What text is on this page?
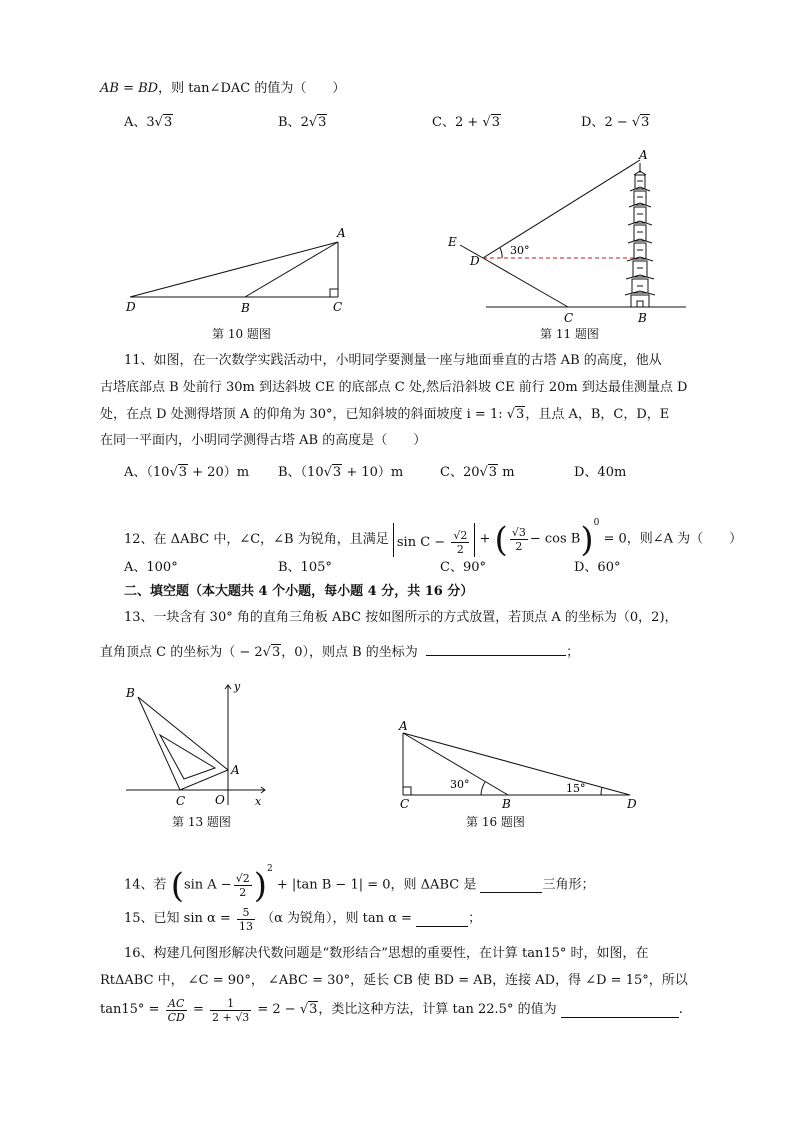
AB = BD，则 tan∠DAC 的值为（   ）
A、3√3	B、2√3	C、2 + √3	D、2 − √3
A
B	C
D
第 10 题图
A
B
C
D
E
30°
第 11 题图
11、如图，在一次数学实践活动中，小明同学要测量一座与地面垂直的古塔 AB 的高度，他从
古塔底部点 B 处前行 30m 到达斜坡 CE 的底部点 C 处,然后沿斜坡 CE 前行 20m 到达最佳测量点 D
处，在点 D 处测得塔顶 A 的仰角为 30°，已知斜坡的斜面坡度 i = 1: √3，且点 A，B，C，D，E
在同一平面内，小明同学测得古塔 AB 的高度是（　　）
A、（10√3 + 20）m B、（10√3 + 10）m	C、20√3 m	D、40m
12、在 ΔABC 中，∠C，∠B 为锐角，且满足 $\sin C - \frac{√2}{2}$ + ( $\frac{√3}{2} - \cos B)^0 = 0$，则∠A 为（　　）
A、100°	B、105°	C、90°	D、60°
二、填空题（本大题共 4 个小题，每小题 4 分，共 16 分）
13、一块含有 30° 角的直角三角板 ABC 按如图所示的方式放置，若顶点 A 的坐标为（0，2)，
直角顶点 C 的坐标为（ − 2√3，0），则点 B 的坐标为	；
B
A
C O	x
y
第 13 题图
A
B
C	D
30°	15°
第 16 题图
14、若 (sin $A - \frac{√2}{2} )^2 + |\tan$ B − 1| = 0，则 ΔABC 是	三角形；
15、已知 $\sin \alpha = \frac{5}{13} (\alpha$ 为锐角），则 tan α =	；
16、构建几何图形解决代数问题是“数形结合”思想的重要性，在计算 tan15° 时，如图，在
RtΔABC 中， ∠C = 90°， ∠ABC = 30°，延长 CB 使 BD = AB，连接 AD，得 ∠D = 15°，所以
$\tan 15^\circ = \frac{AC}{CD} = \frac{1}{2 + √3} = 2 - √3$，类比这种方法，计算 tan 22.5° 的值为	.
